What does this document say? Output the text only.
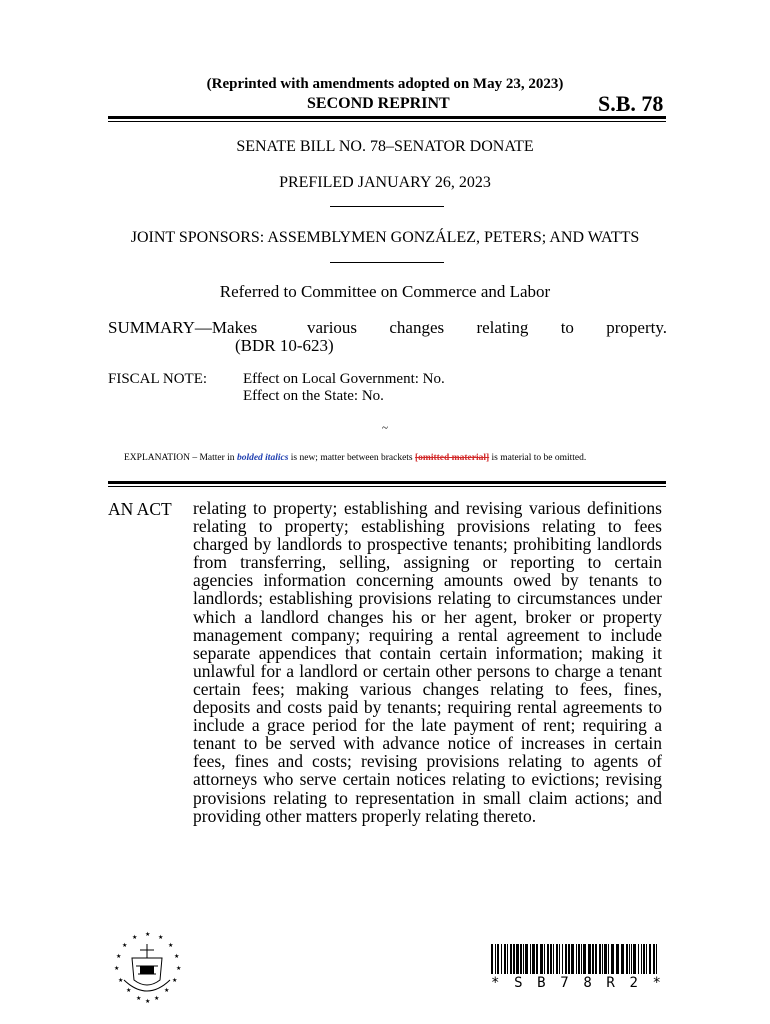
(Reprinted with amendments adopted on May 23, 2023)
SECOND REPRINT	S.B. 78
SENATE BILL NO. 78–SENATOR DONATE
PREFILED JANUARY 26, 2023
JOINT SPONSORS: ASSEMBLYMEN GONZÁLEZ, PETERS; AND WATTS
Referred to Committee on Commerce and Labor
SUMMARY—Makes	various changes relating to property.
(BDR 10-623)
FISCAL NOTE: Effect on Local Government: No.
Effect on the State: No.
~
EXPLANATION – Matter in bolded italics is new; matter between brackets [omitted material] is material to be omitted.
AN ACT relating to property; establishing and revising various definitions relating to property; establishing provisions relating to fees charged by landlords to prospective tenants; prohibiting landlords from transferring, selling, assigning or reporting to certain agencies information concerning amounts owed by tenants to landlords; establishing provisions relating to circumstances under which a landlord changes his or her agent, broker or property management company; requiring a rental agreement to include separate appendices that contain certain information; making it unlawful for a landlord or certain other persons to charge a tenant certain fees; making various changes relating to fees, fines, deposits and costs paid by tenants; requiring rental agreements to include a grace period for the late payment of rent; requiring a tenant to be served with advance notice of increases in certain fees, fines and costs; revising provisions relating to agents of attorneys who serve certain notices relating to evictions; revising provisions relating to representation in small claim actions; and providing other matters properly relating thereto.

★
★	★
★	★
★	★
★	★
★	★
★	★
★ ★
★
* S B 7 8 R 2 *
